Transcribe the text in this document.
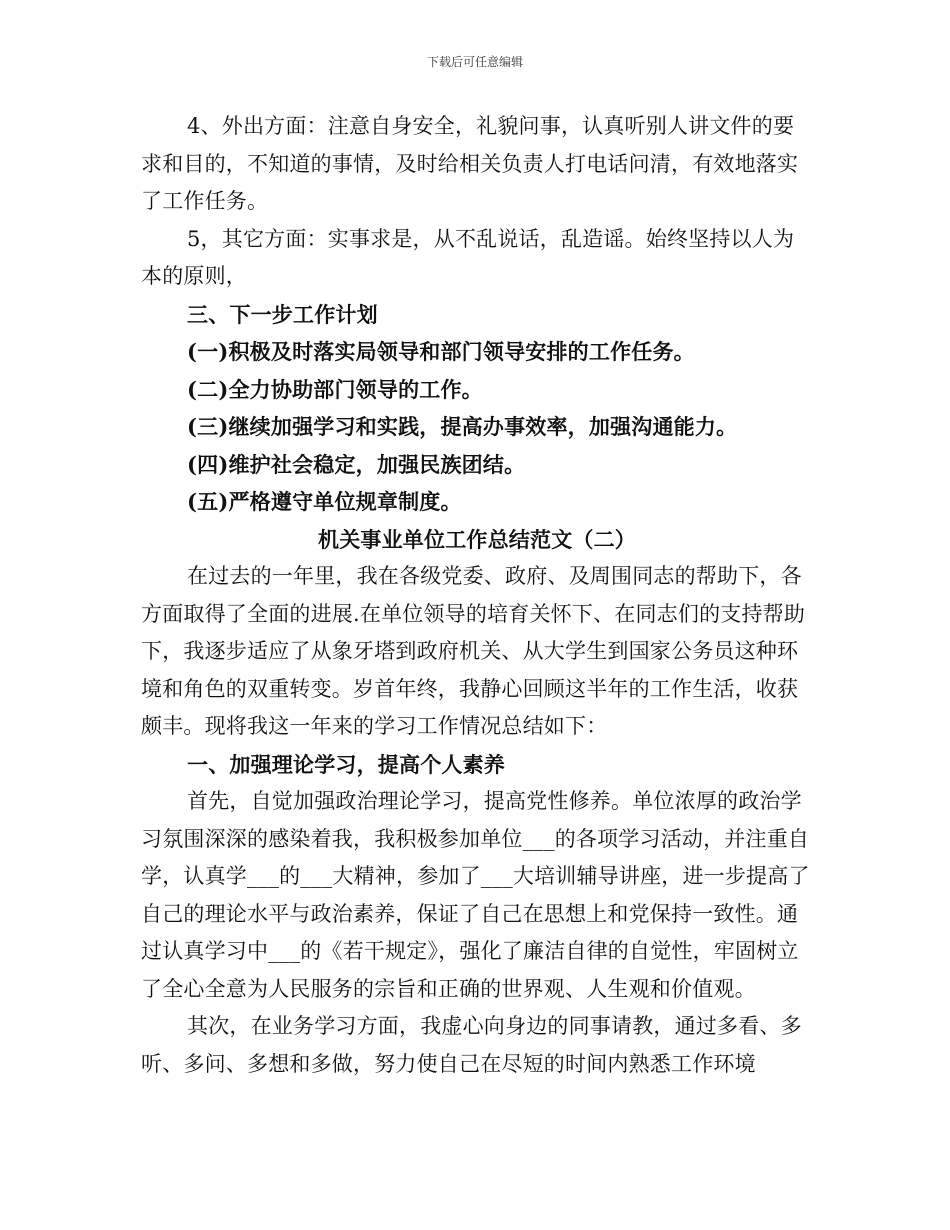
下载后可任意编辑

4、外出方面：注意自身安全，礼貌问事，认真听别人讲文件的要求和目的，不知道的事情，及时给相关负责人打电话问清，有效地落实了工作任务。

5，其它方面：实事求是，从不乱说话，乱造谣。始终坚持以人为本的原则，

三、下一步工作计划

(一)积极及时落实局领导和部门领导安排的工作任务。

(二)全力协助部门领导的工作。

(三)继续加强学习和实践，提高办事效率，加强沟通能力。

(四)维护社会稳定，加强民族团结。

(五)严格遵守单位规章制度。

机关事业单位工作总结范文（二）

在过去的一年里，我在各级党委、政府、及周围同志的帮助下，各方面取得了全面的进展.在单位领导的培育关怀下、在同志们的支持帮助下，我逐步适应了从象牙塔到政府机关、从大学生到国家公务员这种环境和角色的双重转变。岁首年终，我静心回顾这半年的工作生活，收获颇丰。现将我这一年来的学习工作情况总结如下：

一、加强理论学习，提高个人素养

首先，自觉加强政治理论学习，提高党性修养。单位浓厚的政治学习氛围深深的感染着我，我积极参加单位___的各项学习活动，并注重自学，认真学___的___大精神，参加了___大培训辅导讲座，进一步提高了自己的理论水平与政治素养，保证了自己在思想上和党保持一致性。通过认真学习中___的《若干规定》，强化了廉洁自律的自觉性，牢固树立了全心全意为人民服务的宗旨和正确的世界观、人生观和价值观。

其次，在业务学习方面，我虚心向身边的同事请教，通过多看、多听、多问、多想和多做，努力使自己在尽短的时间内熟悉工作环境
